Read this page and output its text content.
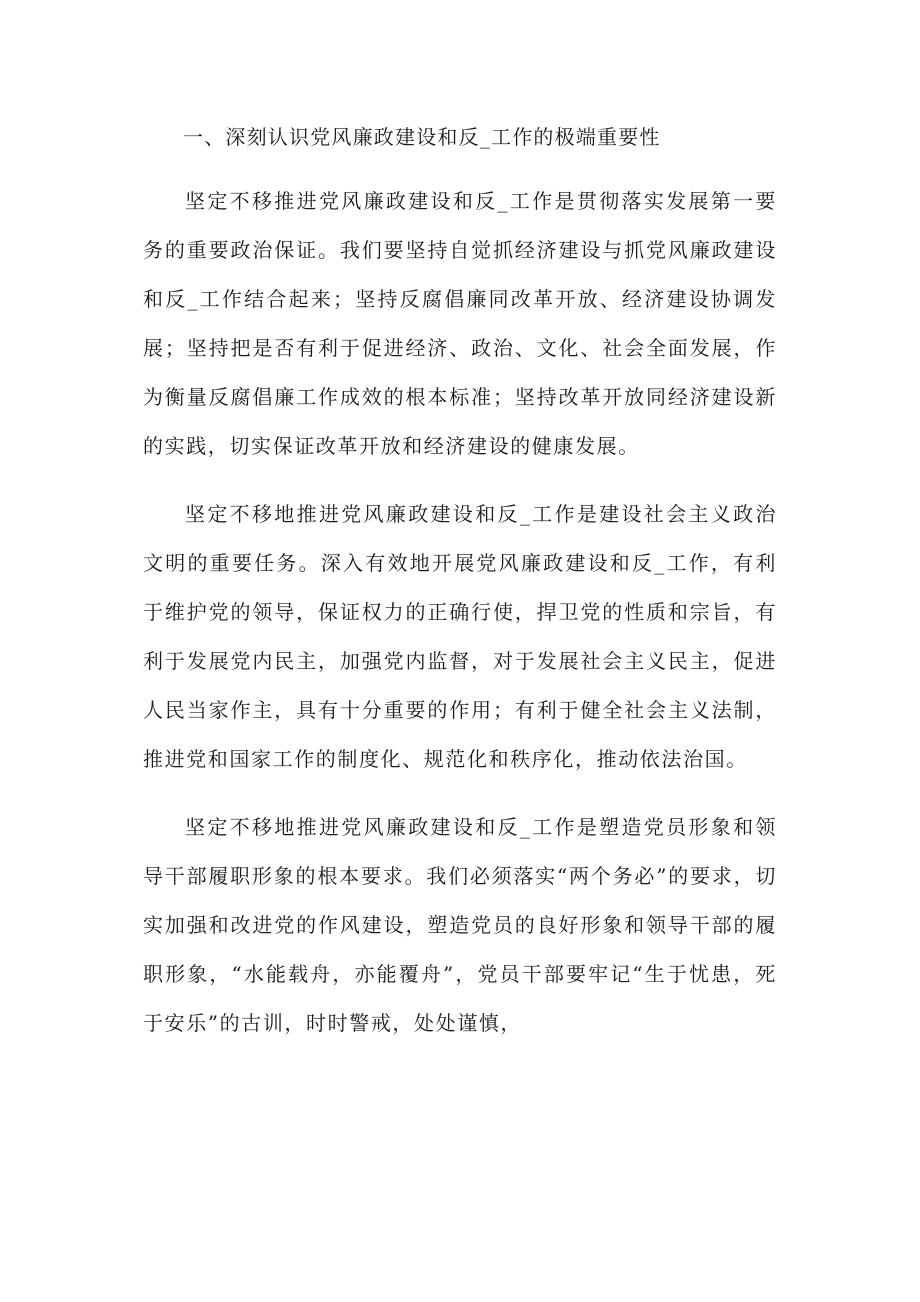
一、深刻认识党风廉政建设和反_工作的极端重要性

坚定不移推进党风廉政建设和反_工作是贯彻落实发展第一要务的重要政治保证。我们要坚持自觉抓经济建设与抓党风廉政建设和反_工作结合起来；坚持反腐倡廉同改革开放、经济建设协调发展；坚持把是否有利于促进经济、政治、文化、社会全面发展，作为衡量反腐倡廉工作成效的根本标准；坚持改革开放同经济建设新的实践，切实保证改革开放和经济建设的健康发展。

坚定不移地推进党风廉政建设和反_工作是建设社会主义政治文明的重要任务。深入有效地开展党风廉政建设和反_工作，有利于维护党的领导，保证权力的正确行使，捍卫党的性质和宗旨，有利于发展党内民主，加强党内监督，对于发展社会主义民主，促进人民当家作主，具有十分重要的作用；有利于健全社会主义法制，推进党和国家工作的制度化、规范化和秩序化，推动依法治国。

坚定不移地推进党风廉政建设和反_工作是塑造党员形象和领导干部履职形象的根本要求。我们必须落实“两个务必”的要求，切实加强和改进党的作风建设，塑造党员的良好形象和领导干部的履职形象，“水能载舟，亦能覆舟”，党员干部要牢记“生于忧患，死于安乐”的古训，时时警戒，处处谨慎，
